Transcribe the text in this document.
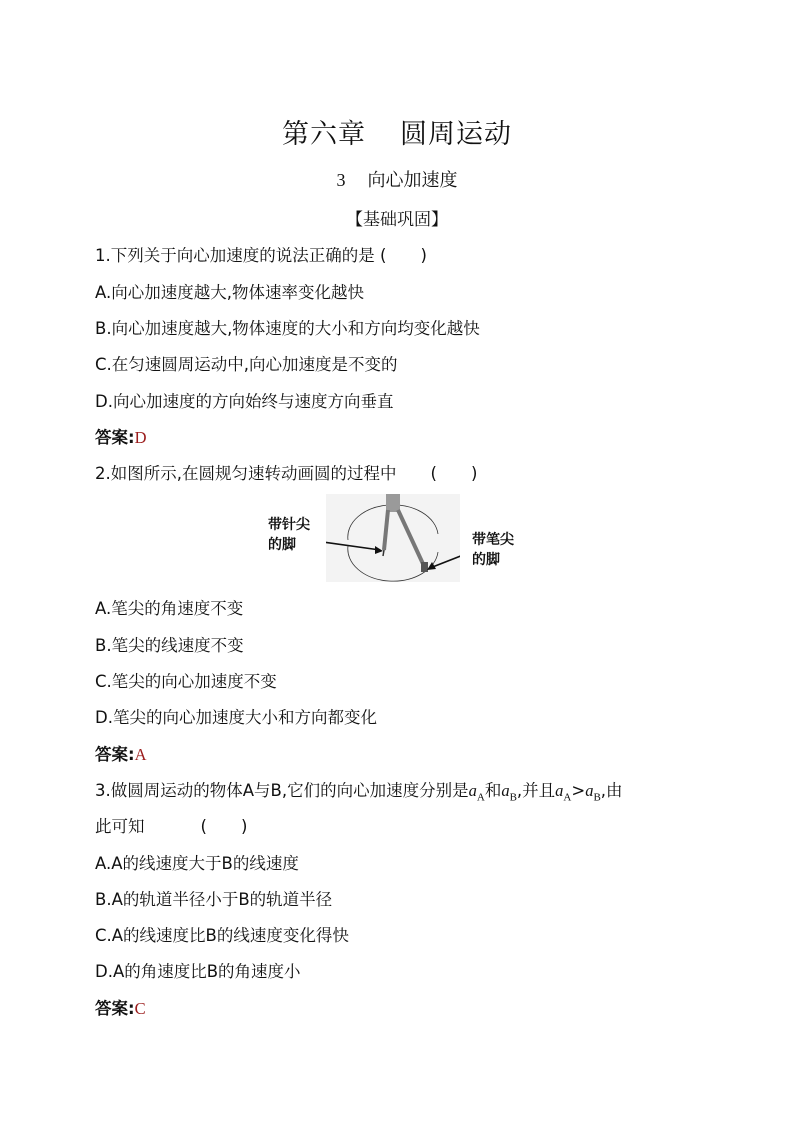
第六章 圆周运动
3 向心加速度
【基础巩固】
1.下列关于向心加速度的说法正确的是 ( )
A.向心加速度越大,物体速率变化越快
B.向心加速度越大,物体速度的大小和方向均变化越快
C.在匀速圆周运动中,向心加速度是不变的
D.向心加速度的方向始终与速度方向垂直
答案:D
2.如图所示,在圆规匀速转动画圆的过程中 ( )
带针尖
的脚	带笔尖
的脚
A.笔尖的角速度不变
B.笔尖的线速度不变
C.笔尖的向心加速度不变
D.笔尖的向心加速度大小和方向都变化
答案:A
3.做圆周运动的物体A与B,它们的向心加速度分别是$a_A$和$a_B$,并且$a_A>a_B$,由
此可知	( )
A.A的线速度大于B的线速度
B.A的轨道半径小于B的轨道半径
C.A的线速度比B的线速度变化得快
D.A的角速度比B的角速度小
答案:C
